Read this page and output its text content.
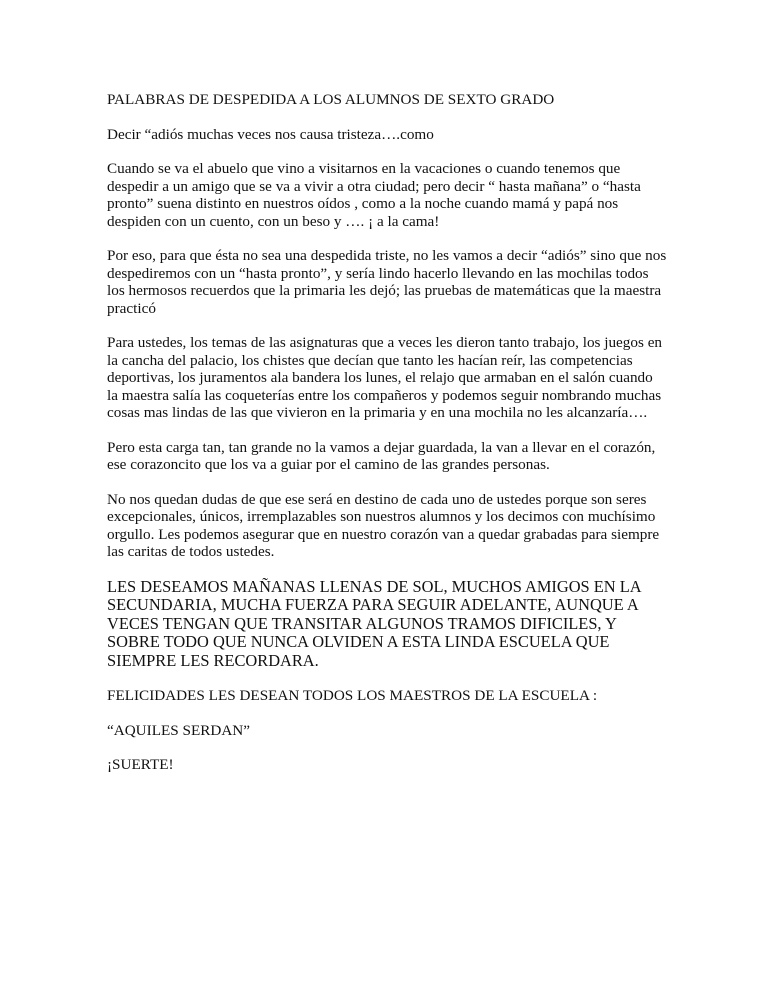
PALABRAS DE DESPEDIDA A LOS ALUMNOS DE SEXTO GRADO

Decir “adiós muchas veces nos causa tristeza….como

Cuando se va el abuelo que vino a visitarnos en la vacaciones o cuando tenemos que despedir a un amigo que se va a vivir a otra ciudad; pero decir “ hasta mañana” o “hasta pronto” suena distinto en nuestros oídos , como a la noche cuando mamá y papá nos despiden con un cuento, con un beso y …. ¡ a la cama!

Por eso, para que ésta no sea una despedida triste, no les vamos a decir “adiós” sino que nos despediremos con un “hasta pronto”, y sería lindo hacerlo llevando en las mochilas todos los hermosos recuerdos que la primaria les dejó; las pruebas de matemáticas que la maestra practicó

Para ustedes, los temas de las asignaturas que a veces les dieron tanto trabajo, los juegos en la cancha del palacio, los chistes que decían que tanto les hacían reír, las competencias deportivas, los juramentos ala bandera los lunes, el relajo que armaban en el salón cuando la maestra salía las coqueterías entre los compañeros y podemos seguir nombrando muchas cosas mas lindas de las que vivieron en la primaria y en una mochila no les alcanzaría….

Pero esta carga tan, tan grande no la vamos a dejar guardada, la van a llevar en el corazón, ese corazoncito que los va a guiar por el camino de las grandes personas.

No nos quedan dudas de que ese será en destino de cada uno de ustedes porque son seres excepcionales, únicos, irremplazables son nuestros alumnos y los decimos con muchísimo orgullo. Les podemos asegurar que en nuestro corazón van a quedar grabadas para siempre las caritas de todos ustedes.

LES DESEAMOS MAÑANAS LLENAS DE SOL, MUCHOS AMIGOS EN LA SECUNDARIA, MUCHA FUERZA PARA SEGUIR ADELANTE, AUNQUE A VECES TENGAN QUE TRANSITAR ALGUNOS TRAMOS DIFICILES, Y SOBRE TODO QUE NUNCA OLVIDEN A ESTA LINDA ESCUELA QUE SIEMPRE LES RECORDARA.

FELICIDADES LES DESEAN TODOS LOS MAESTROS DE LA ESCUELA :

“AQUILES SERDAN”

¡SUERTE!
